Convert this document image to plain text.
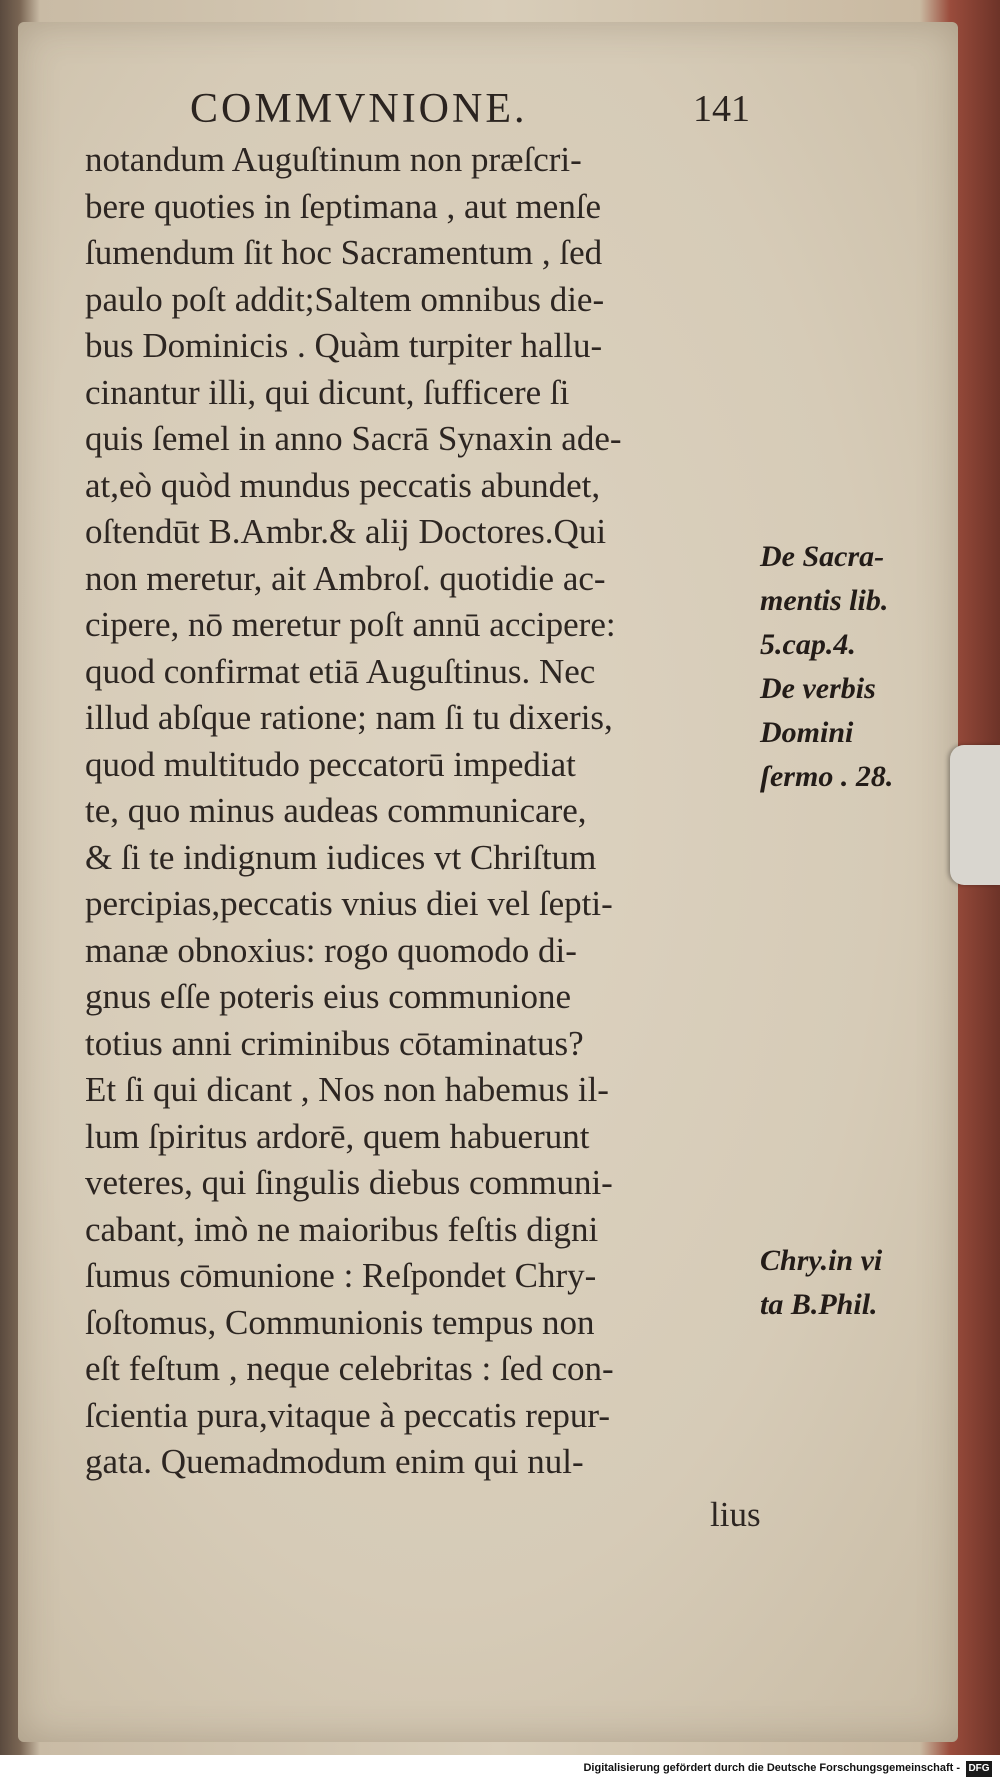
COMMVNIONE.	141
notandum Auguſtinum non præſcri-
bere quoties in ſeptimana , aut menſe
ſumendum ſit hoc Sacramentum , ſed
paulo poſt addit;Saltem omnibus die-
bus Dominicis . Quàm turpiter hallu-
cinantur illi, qui dicunt, ſufficere ſi
quis ſemel in anno Sacrā Synaxin ade-
at,eò quòd mundus peccatis abundet,
oſtendūt B.Ambr.& alij Doctores.Qui
non meretur, ait Ambroſ. quotidie ac-
cipere, nō meretur poſt annū accipere:
quod confirmat etiā Auguſtinus. Nec
illud abſque ratione; nam ſi tu dixeris,
quod multitudo peccatorū impediat
te, quo minus audeas communicare,
& ſi te indignum iudices vt Chriſtum
percipias,peccatis vnius diei vel ſepti-
manæ obnoxius: rogo quomodo di-
gnus eſſe poteris eius communione
totius anni criminibus cōtaminatus?
Et ſi qui dicant , Nos non habemus il-
lum ſpiritus ardorē, quem habuerunt
veteres, qui ſingulis diebus communi-
cabant, imò ne maioribus feſtis digni
ſumus cōmunione : Reſpondet Chry-
ſoſtomus, Communionis tempus non
eſt feſtum , neque celebritas : ſed con-
ſcientia pura,vitaque à peccatis repur-
gata. Quemadmodum enim qui nul-
lius
De Sacra-
mentis lib.
5.cap.4.
De verbis
Domini
ſermo . 28.
Chry.in vi
ta B.Phil.
Digitalisierung gefördert durch die Deutsche Forschungsgemeinschaft - DFG
